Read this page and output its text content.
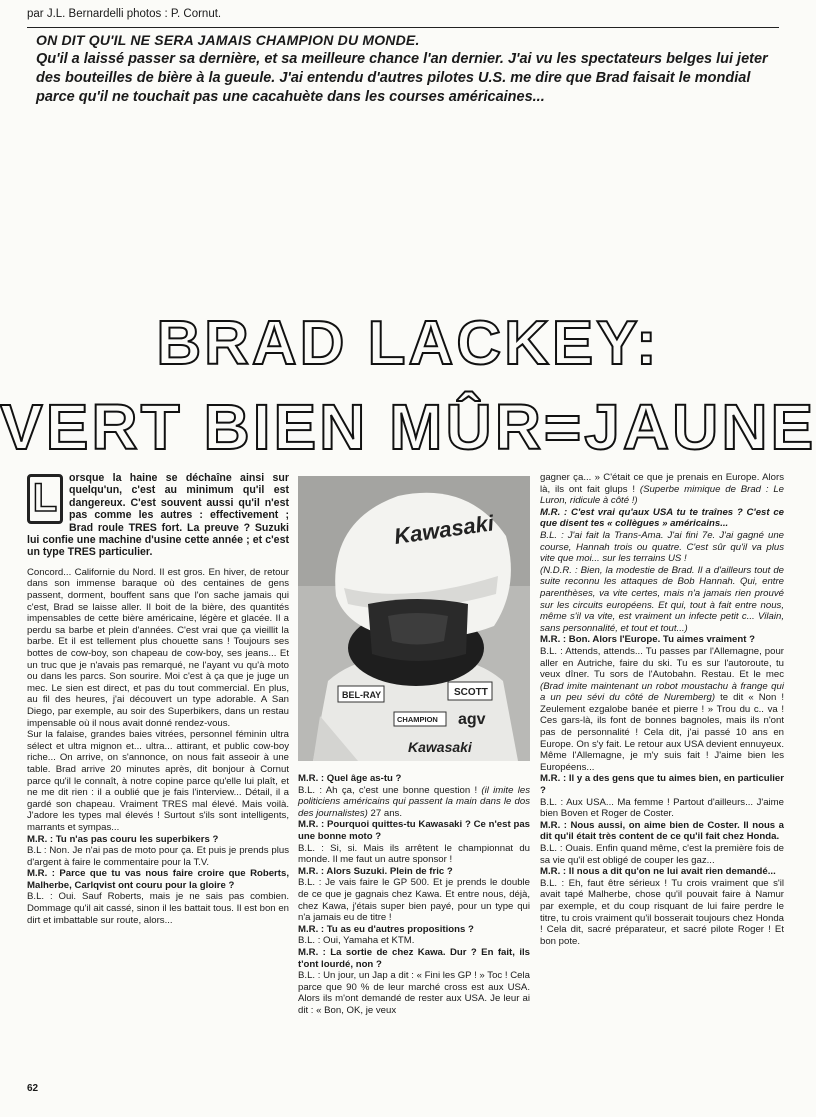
par J.L. Bernardelli photos : P. Cornut.
ON DIT QU'IL NE SERA JAMAIS CHAMPION DU MONDE.
Qu'il a laissé passer sa dernière, et sa meilleure chance l'an dernier. J'ai vu les spectateurs belges lui jeter des bouteilles de bière à la gueule. J'ai entendu d'autres pilotes U.S. me dire que Brad faisait le mondial parce qu'il ne touchait pas une cacahuète dans les courses américaines...
BRAD LACKEY:
VERT BIEN MÛR=JAUNE

L	orsque la haine se déchaîne ainsi sur quelqu'un, c'est au minimum qu'il est dangereux. C'est souvent aussi qu'il n'est pas comme les autres : effectivement ; Brad roule TRES fort. La preuve ? Suzuki lui confie une machine d'usine cette année ; et c'est un type TRES particulier.

Concord... Californie du Nord. Il est gros. En hiver, de retour dans son immense baraque où des centaines de gens passent, dorment, bouffent sans que l'on sache jamais qui c'est, Brad se laisse aller. Il boit de la bière, des quantités impensables de cette bière américaine, légère et glacée. Il a perdu sa barbe et plein d'années. C'est vrai que ça vieillit la barbe. Et il est tellement plus chouette sans ! Toujours ses bottes de cow-boy, son chapeau de cow-boy, ses jeans... Et un truc que je n'avais pas remarqué, ne l'ayant vu qu'à moto ou dans les parcs. Son sourire. Moi c'est à ça que je juge un mec. Le sien est direct, et pas du tout commercial. En plus, au fil des heures, j'ai découvert un type adorable. A San Diego, par exemple, au soir des Superbikers, dans un restau impensable où il nous avait donné rendez-vous.

Sur la falaise, grandes baies vitrées, personnel féminin ultra sélect et ultra mignon et... ultra... attirant, et public cow-boy riche... On arrive, on s'annonce, on nous fait asseoir à une table. Brad arrive 20 minutes après, dit bonjour à Cornut parce qu'il le connaît, à notre copine parce qu'elle lui plaît, et ne me dit rien : il a oublié que je fais l'interview... Détail, il a gardé son chapeau. Vraiment TRES mal élevé. Mais voilà. J'adore les types mal élevés ! Surtout s'ils sont intelligents, marrants et sympas...

M.R. : Tu n'as pas couru les superbikers ?

B.L : Non. Je n'ai pas de moto pour ça. Et puis je prends plus d'argent à faire le commentaire pour la T.V.

M.R. : Parce que tu vas nous faire croire que Roberts, Malherbe, Carlqvist ont couru pour la gloire ?

B.L. : Oui. Sauf Roberts, mais je ne sais pas combien. Dommage qu'il ait cassé, sinon il les battait tous. Il est bon en dirt et imbattable sur route, alors...

Kawasaki
BEL-RAY	SCOTT
agv
CHAMPION
Kawasaki

M.R. : Quel âge as-tu ?

B.L. : Ah ça, c'est une bonne question ! (il imite les politiciens américains qui passent la main dans le dos des journalistes) 27 ans.

M.R. : Pourquoi quittes-tu Kawasaki ? Ce n'est pas une bonne moto ?

B.L. : Si, si. Mais ils arrêtent le championnat du monde. Il me faut un autre sponsor !

M.R. : Alors Suzuki. Plein de fric ?

B.L. : Je vais faire le GP 500. Et je prends le double de ce que je gagnais chez Kawa. Et entre nous, déjà, chez Kawa, j'étais super bien payé, pour un type qui n'a jamais eu de titre !

M.R. : Tu as eu d'autres propositions ?

B.L. : Oui, Yamaha et KTM.

M.R. : La sortie de chez Kawa. Dur ? En fait, ils t'ont lourdé, non ?

B.L. : Un jour, un Jap a dit : « Fini les GP ! » Toc ! Cela parce que 90 % de leur marché cross est aux USA. Alors ils m'ont demandé de rester aux USA. Je leur ai dit : « Bon, OK, je veux

gagner ça... » C'était ce que je prenais en Europe. Alors là, ils ont fait glups ! (Superbe mimique de Brad : Le Luron, ridicule à côté !)

M.R. : C'est vrai qu'aux USA tu te traînes ? C'est ce que disent tes « collègues » américains...

B.L. : J'ai fait la Trans-Ama. J'ai fini 7e. J'ai gagné une course, Hannah trois ou quatre. C'est sûr qu'il va plus vite que moi... sur les terrains US !

(N.D.R. : Bien, la modestie de Brad. Il a d'ailleurs tout de suite reconnu les attaques de Bob Hannah. Qui, entre parenthèses, va vite certes, mais n'a jamais rien prouvé sur les circuits européens. Et qui, tout à fait entre nous, même s'il va vite, est vraiment un infecte petit c... Vilain, sans personnalité, et tout et tout...)

M.R. : Bon. Alors l'Europe. Tu aimes vraiment ?

B.L. : Attends, attends... Tu passes par l'Allemagne, pour aller en Autriche, faire du ski. Tu es sur l'autoroute, tu veux dîner. Tu sors de l'Autobahn. Restau. Et le mec (Brad imite maintenant un robot moustachu à frange qui a un peu sévi du côté de Nuremberg) te dit « Non ! Zeulement ezgalobe banée et pierre ! » Trou du c.. va ! Ces gars-là, ils font de bonnes bagnoles, mais ils n'ont pas de personnalité ! Cela dit, j'ai passé 10 ans en Europe. On s'y fait. Le retour aux USA devient ennuyeux. Même l'Allemagne, je m'y suis fait ! J'aime bien les Européens...

M.R. : Il y a des gens que tu aimes bien, en particulier ?

B.L. : Aux USA... Ma femme ! Partout d'ailleurs... J'aime bien Boven et Roger de Coster.

M.R. : Nous aussi, on aime bien de Coster. Il nous a dit qu'il était très content de ce qu'il fait chez Honda.

B.L. : Ouais. Enfin quand même, c'est la première fois de sa vie qu'il est obligé de couper les gaz...

M.R. : Il nous a dit qu'on ne lui avait rien demandé...

B.L. : Eh, faut être sérieux ! Tu crois vraiment que s'il avait tapé Malherbe, chose qu'il pouvait faire à Namur par exemple, et du coup risquant de lui faire perdre le titre, tu crois vraiment qu'il bosserait toujours chez Honda ! Cela dit, sacré préparateur, et sacré pilote Roger ! Et bon pote.

62
